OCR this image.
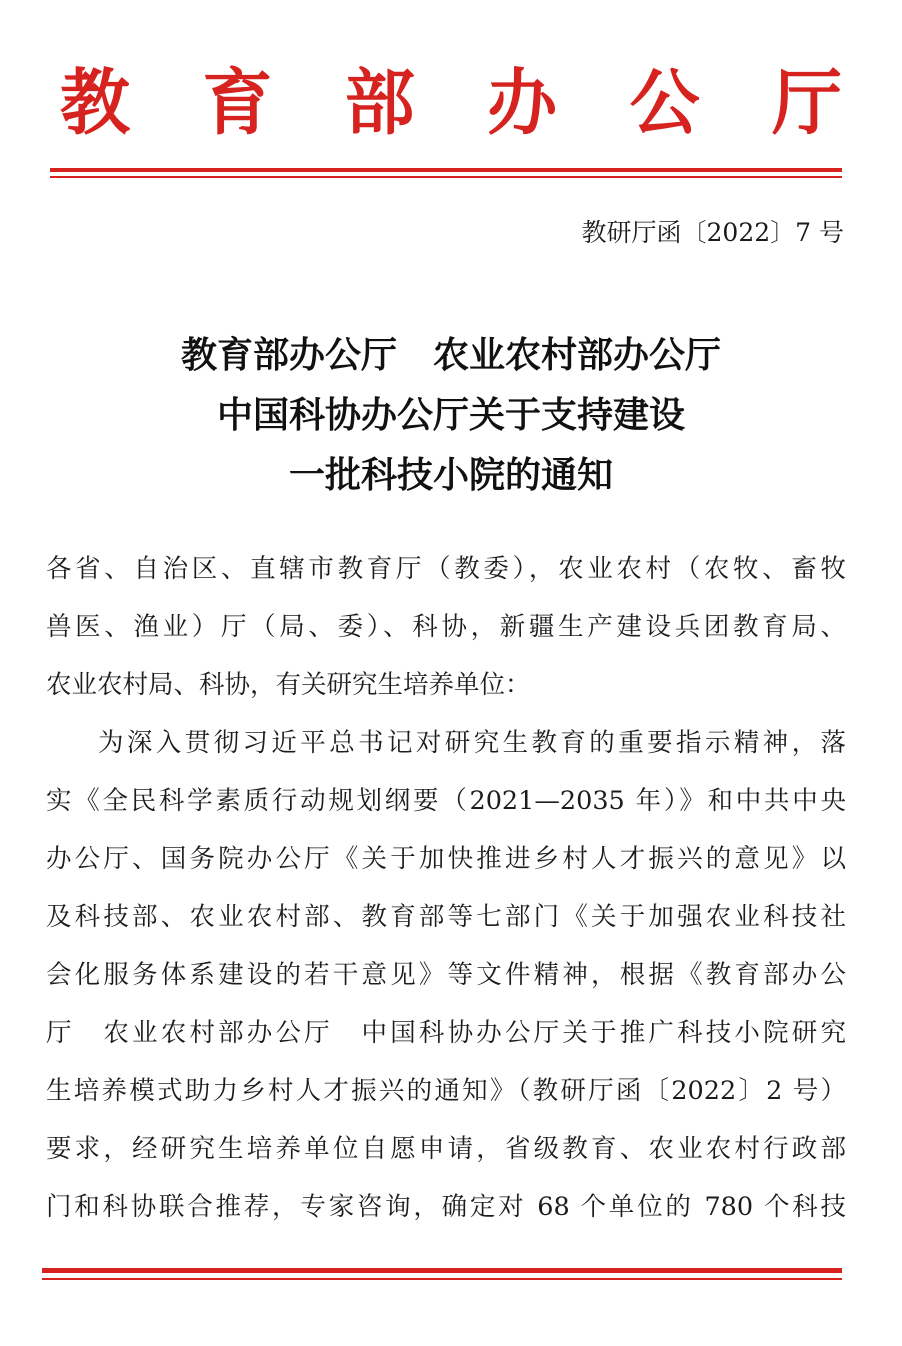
教 育 部 办 公 厅
教研厅函〔2022〕7 号
教育部办公厅　农业农村部办公厅
中国科协办公厅关于支持建设
一批科技小院的通知
各省、自治区、直辖市教育厅（教委），农业农村（农牧、畜牧
兽医、渔业）厅（局、委）、科协，新疆生产建设兵团教育局、
农业农村局、科协，有关研究生培养单位：
为深入贯彻习近平总书记对研究生教育的重要指示精神，落
实《全民科学素质行动规划纲要（2021—2035 年）》和中共中央
办公厅、国务院办公厅《关于加快推进乡村人才振兴的意见》以
及科技部、农业农村部、教育部等七部门《关于加强农业科技社
会化服务体系建设的若干意见》等文件精神，根据《教育部办公
厅　农业农村部办公厅　中国科协办公厅关于推广科技小院研究
生培养模式助力乡村人才振兴的通知》（教研厅函〔2022〕2 号）
要求，经研究生培养单位自愿申请，省级教育、农业农村行政部
门和科协联合推荐，专家咨询，确定对 68 个单位的 780 个科技
